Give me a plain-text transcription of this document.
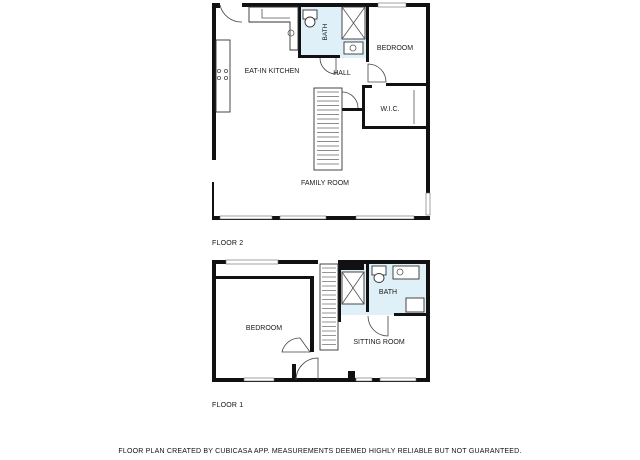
EAT-IN KITCHEN
BATH
BEDROOM
HALL
W.I.C.
FAMILY ROOM
BATH
BEDROOM
SITTING ROOM
FLOOR 2
FLOOR 1
FLOOR PLAN CREATED BY CUBICASA APP. MEASUREMENTS DEEMED HIGHLY RELIABLE BUT NOT GUARANTEED.
